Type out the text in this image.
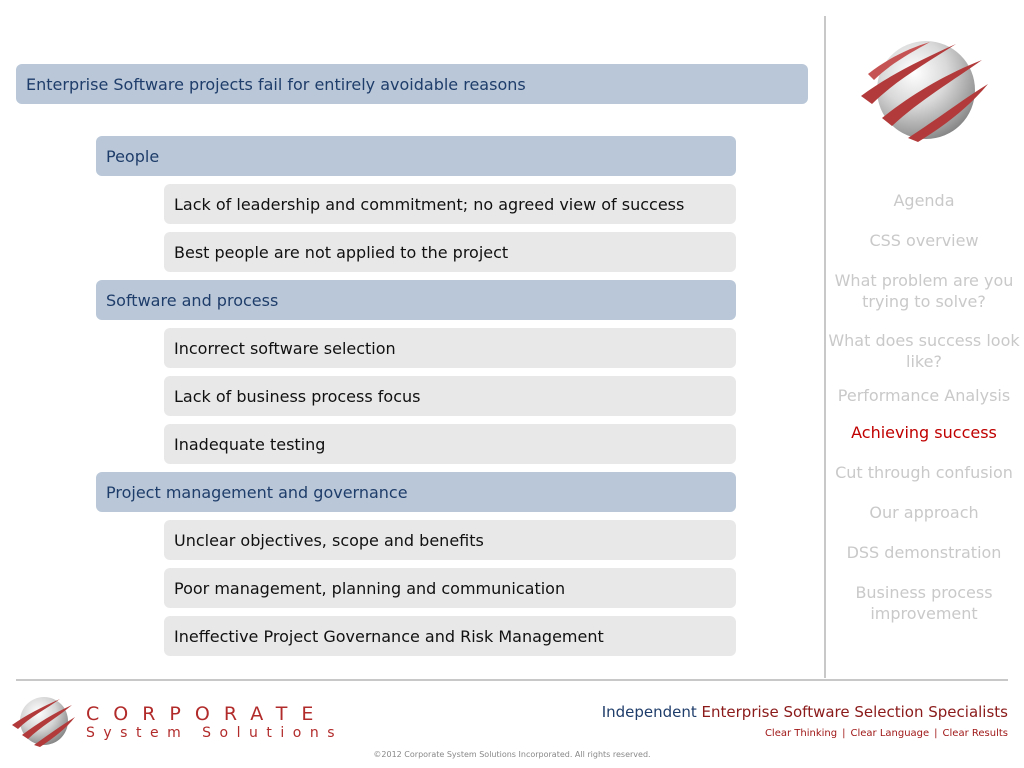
Enterprise Software projects fail for entirely avoidable reasons
People
Lack of leadership and commitment; no agreed view of success
Best people are not applied to the project
Software and process
Incorrect software selection
Lack of business process focus
Inadequate testing
Project management and governance
Unclear objectives, scope and benefits
Poor management, planning and communication
Ineffective Project Governance and Risk Management
Agenda
CSS overview
What problem are you trying to solve?
What does success look like?
Performance Analysis
Achieving success
Cut through confusion
Our approach
DSS demonstration
Business process improvement
CORPORATE
System Solutions
Independent Enterprise Software Selection Specialists
Clear Thinking | Clear Language | Clear Results
©2012 Corporate System Solutions Incorporated. All rights reserved.
